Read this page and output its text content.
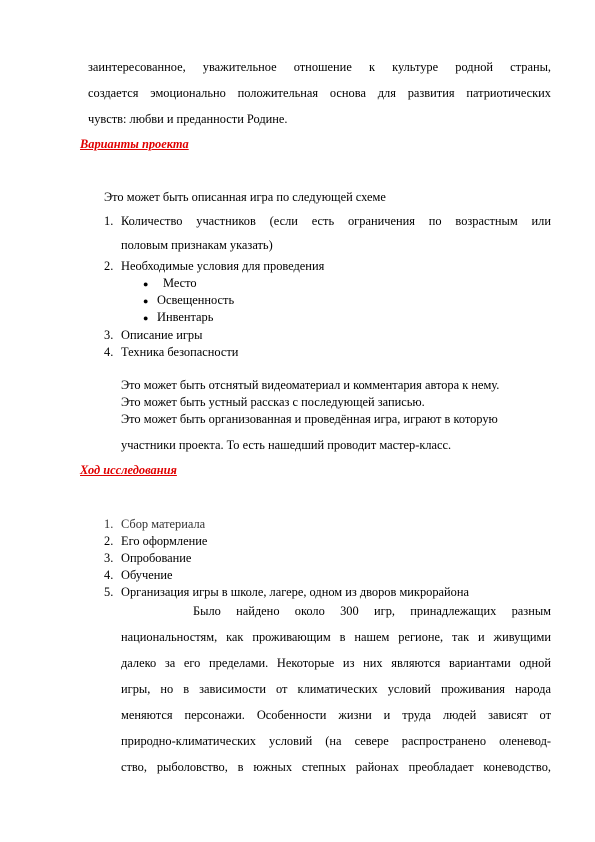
заинтересованное, уважительное отношение к культуре родной страны,
создается эмоционально положительная основа для развития патриотических
чувств: любви и преданности Родине.
Варианты проекта
Это может быть описанная игра по следующей схеме
1. Количество участников (если есть ограничения по возрастным или
половым признакам указать)
2. Необходимые условия для проведения
● Место
● Освещенность
● Инвентарь
3. Описание игры
4. Техника безопасности
Это может быть отснятый видеоматериал и комментария автора к нему.
Это может быть устный рассказ с последующей записью.
Это может быть организованная и проведённая игра, играют в которую
участники проекта. То есть нашедший проводит мастер-класс.
Ход исследования
1. Сбор материала
2. Его оформление
3. Опробование
4. Обучение
5. Организация игры в школе, лагере, одном из дворов микрорайона
Было найдено около 300 игр, принадлежащих разным
национальностям, как проживающим в нашем регионе, так и живущими
далеко за его пределами. Некоторые из них являются вариантами одной
игры, но в зависимости от климатических условий проживания народа
меняются персонажи. Особенности жизни и труда людей зависят от
природно-климатических условий (на севере распространено оленевод-
ство, рыболовство, в южных степных районах преобладает коневодство,
